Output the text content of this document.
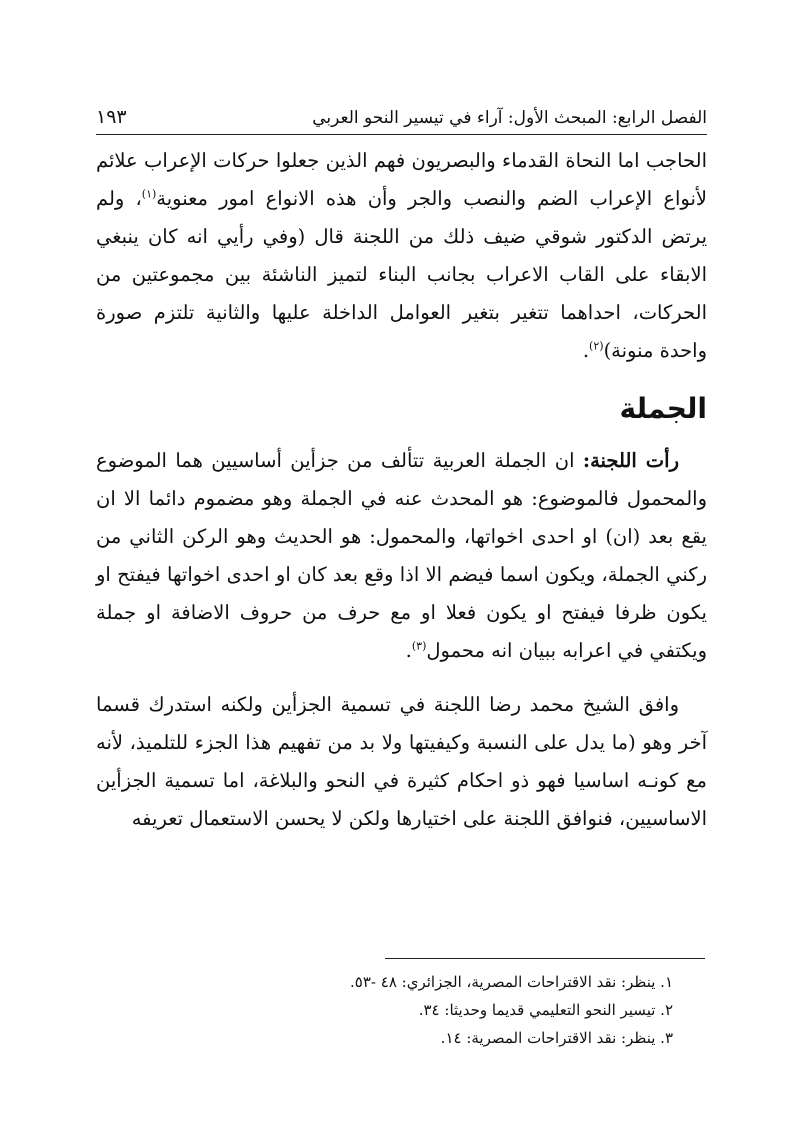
الفصل الرابع: المبحث الأول: آراء في تيسير النحو العربي
١٩٣

الحاجب اما النحاة القدماء والبصريون فهم الذين جعلوا حركات الإعراب علائم لأنواع الإعراب الضم والنصب والجر وأن هذه الانواع امور معنوية$^{(١)}$، ولم يرتض الدكتور شوقي ضيف ذلك من اللجنة قال (وفي رأيي انه كان ينبغي الابقاء على القاب الاعراب بجانب البناء لتميز الناشئة بين مجموعتين من الحركات، احداهما تتغير بتغير العوامل الداخلة عليها والثانية تلتزم صورة واحدة منونة)$^{(٢)}$.

الجملة

رأت اللجنة: ان الجملة العربية تتألف من جزأين أساسيين هما الموضوع والمحمول فالموضوع: هو المحدث عنه في الجملة وهو مضموم دائما الا ان يقع بعد (ان) او احدى اخواتها، والمحمول: هو الحديث وهو الركن الثاني من ركني الجملة، ويكون اسما فيضم الا اذا وقع بعد كان او احدى اخواتها فيفتح او يكون ظرفا فيفتح او يكون فعلا او مع حرف من حروف الاضافة او جملة ويكتفي في اعرابه ببيان انه محمول$^{(٣)}$.

وافق الشيخ محمد رضا اللجنة في تسمية الجزأين ولكنه استدرك قسما آخر وهو (ما يدل على النسبة وكيفيتها ولا بد من تفهيم هذا الجزء للتلميذ، لأنه مع كونـه اساسيا فهو ذو احكام كثيرة في النحو والبلاغة، اما تسمية الجزأين الاساسيين، فنوافق اللجنة على اختيارها ولكن لا يحسن الاستعمال تعريفه

١. ينظر: نقد الاقتراحات المصرية، الجزائري: ٤٨ -٥٣.
٢. تيسير النحو التعليمي قديما وحديثا: ٣٤.
٣. ينظر: نقد الاقتراحات المصرية: ١٤.
